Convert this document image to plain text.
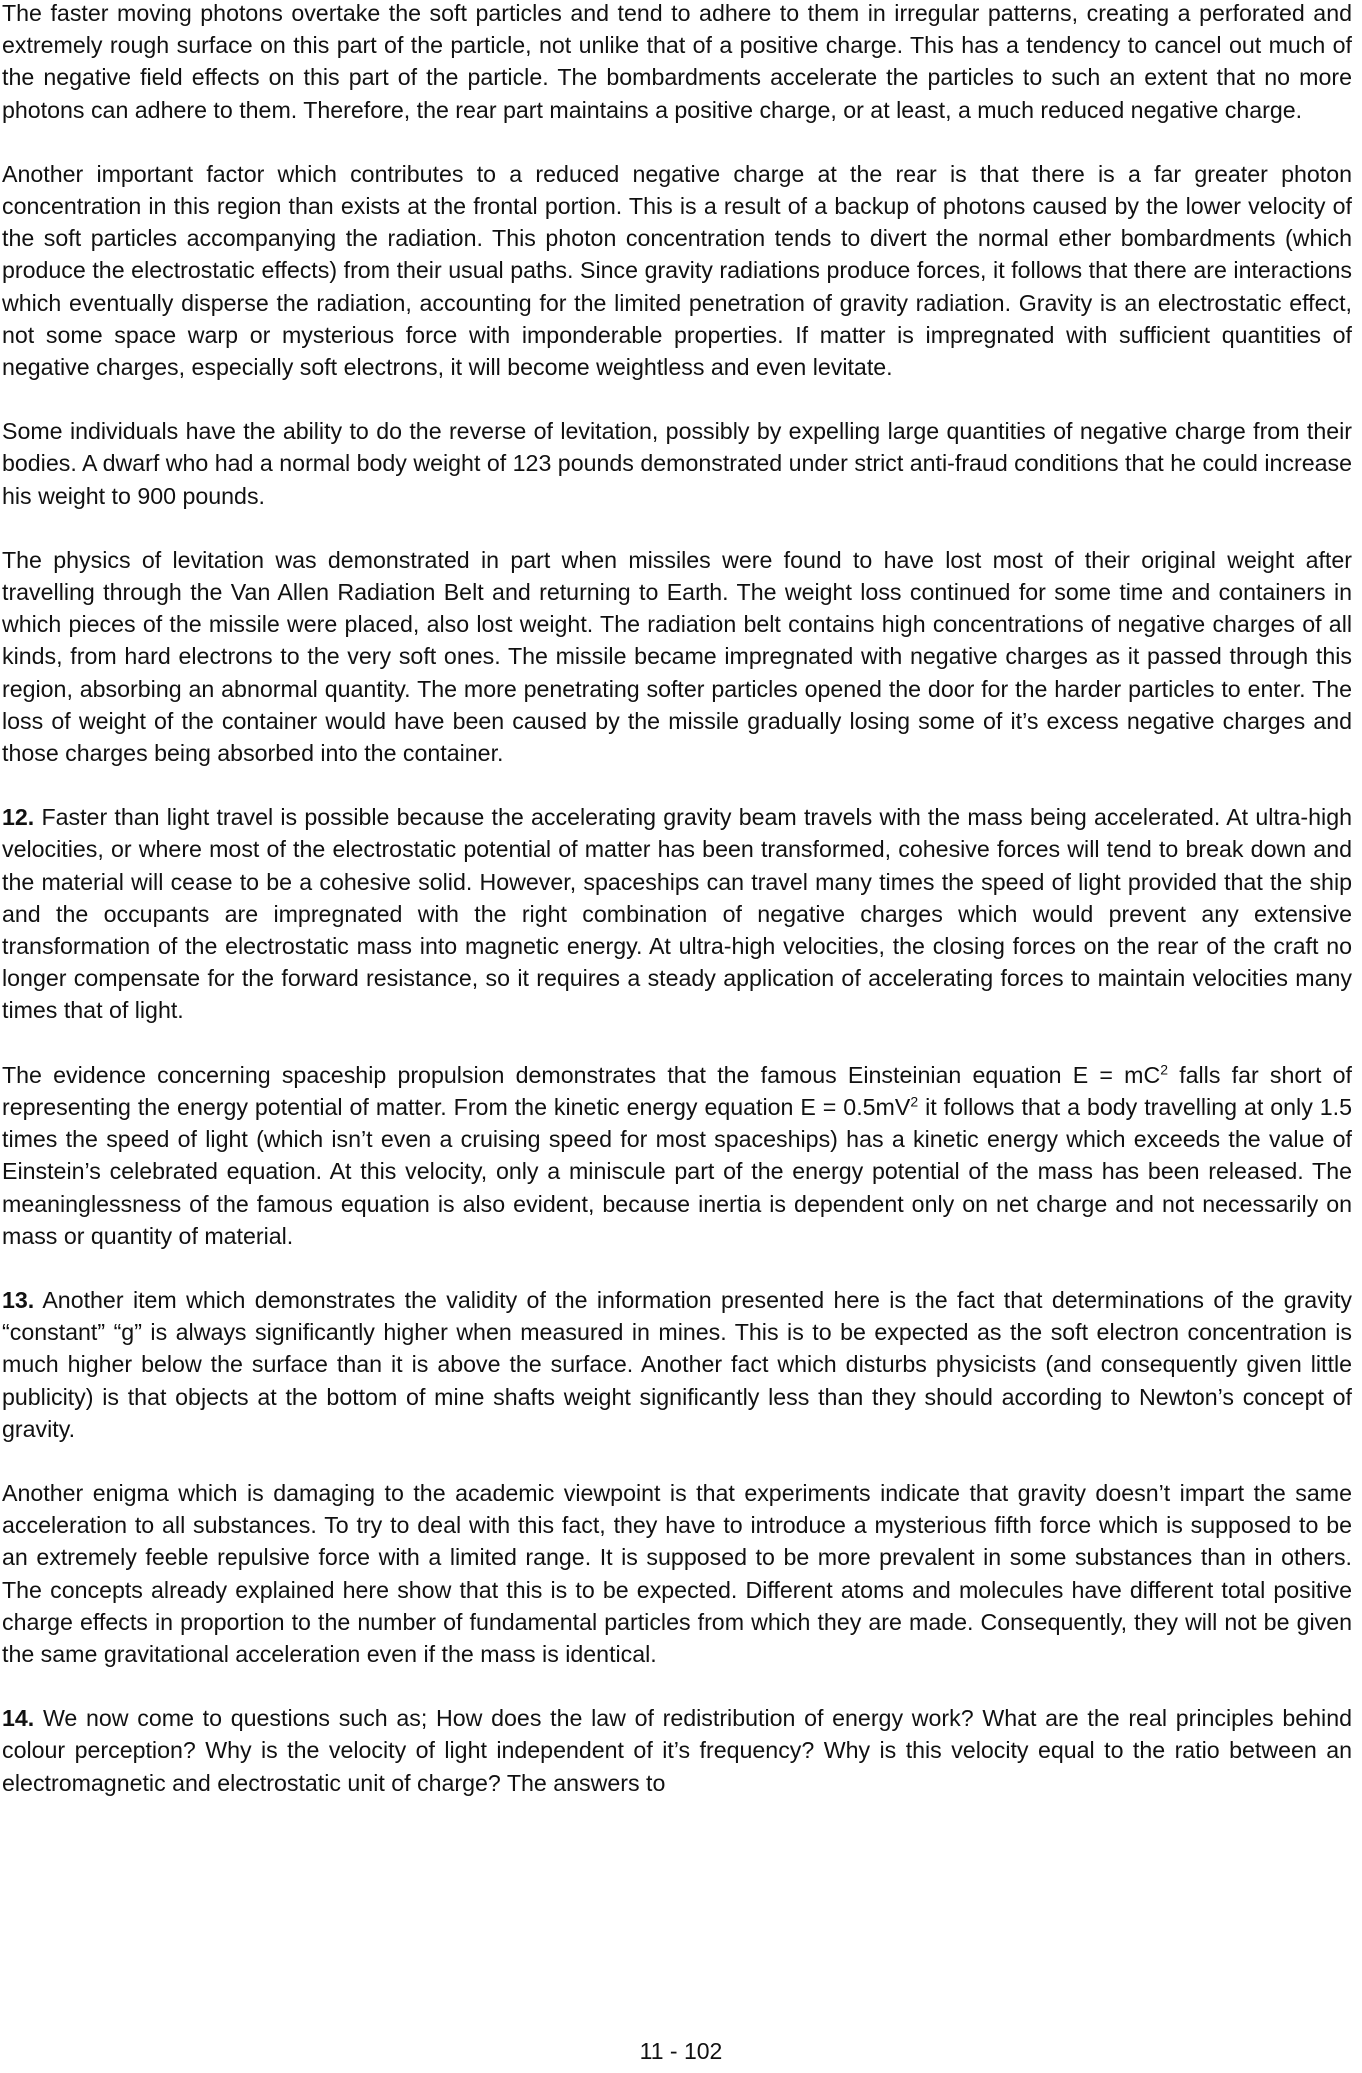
The faster moving photons overtake the soft particles and tend to adhere to them in irregular patterns, creating a perforated and extremely rough surface on this part of the particle, not unlike that of a positive charge. This has a tendency to cancel out much of the negative field effects on this part of the particle. The bombardments accelerate the particles to such an extent that no more photons can adhere to them. Therefore, the rear part maintains a positive charge, or at least, a much reduced negative charge.

Another important factor which contributes to a reduced negative charge at the rear is that there is a far greater photon concentration in this region than exists at the frontal portion. This is a result of a backup of photons caused by the lower velocity of the soft particles accompanying the radiation. This photon concentration tends to divert the normal ether bombardments (which produce the electrostatic effects) from their usual paths. Since gravity radiations produce forces, it follows that there are interactions which eventually disperse the radiation, accounting for the limited penetration of gravity radiation. Gravity is an electrostatic effect, not some space warp or mysterious force with imponderable properties. If matter is impregnated with sufficient quantities of negative charges, especially soft electrons, it will become weightless and even levitate.

Some individuals have the ability to do the reverse of levitation, possibly by expelling large quantities of negative charge from their bodies. A dwarf who had a normal body weight of 123 pounds demonstrated under strict anti-fraud conditions that he could increase his weight to 900 pounds.

The physics of levitation was demonstrated in part when missiles were found to have lost most of their original weight after travelling through the Van Allen Radiation Belt and returning to Earth. The weight loss continued for some time and containers in which pieces of the missile were placed, also lost weight. The radiation belt contains high concentrations of negative charges of all kinds, from hard electrons to the very soft ones. The missile became impregnated with negative charges as it passed through this region, absorbing an abnormal quantity. The more penetrating softer particles opened the door for the harder particles to enter. The loss of weight of the container would have been caused by the missile gradually losing some of it’s excess negative charges and those charges being absorbed into the container.

12. Faster than light travel is possible because the accelerating gravity beam travels with the mass being accelerated. At ultra-high velocities, or where most of the electrostatic potential of matter has been transformed, cohesive forces will tend to break down and the material will cease to be a cohesive solid. However, spaceships can travel many times the speed of light provided that the ship and the occupants are impregnated with the right combination of negative charges which would prevent any extensive transformation of the electrostatic mass into magnetic energy. At ultra-high velocities, the closing forces on the rear of the craft no longer compensate for the forward resistance, so it requires a steady application of accelerating forces to maintain velocities many times that of light.

The evidence concerning spaceship propulsion demonstrates that the famous Einsteinian equation $E = mC^2$ falls far short of representing the energy potential of matter. From the kinetic energy equation $E = 0.5mV^2$ it follows that a body travelling at only 1.5 times the speed of light (which isn’t even a cruising speed for most spaceships) has a kinetic energy which exceeds the value of Einstein’s celebrated equation. At this velocity, only a miniscule part of the energy potential of the mass has been released. The meaninglessness of the famous equation is also evident, because inertia is dependent only on net charge and not necessarily on mass or quantity of material.

13. Another item which demonstrates the validity of the information presented here is the fact that determinations of the gravity “constant” “g” is always significantly higher when measured in mines. This is to be expected as the soft electron concentration is much higher below the surface than it is above the surface. Another fact which disturbs physicists (and consequently given little publicity) is that objects at the bottom of mine shafts weight significantly less than they should according to Newton’s concept of gravity.

Another enigma which is damaging to the academic viewpoint is that experiments indicate that gravity doesn’t impart the same acceleration to all substances. To try to deal with this fact, they have to introduce a mysterious fifth force which is supposed to be an extremely feeble repulsive force with a limited range. It is supposed to be more prevalent in some substances than in others. The concepts already explained here show that this is to be expected. Different atoms and molecules have different total positive charge effects in proportion to the number of fundamental particles from which they are made. Consequently, they will not be given the same gravitational acceleration even if the mass is identical.

14. We now come to questions such as; How does the law of redistribution of energy work? What are the real principles behind colour perception? Why is the velocity of light independent of it’s frequency? Why is this velocity equal to the ratio between an electromagnetic and electrostatic unit of charge? The answers to

11 - 102
